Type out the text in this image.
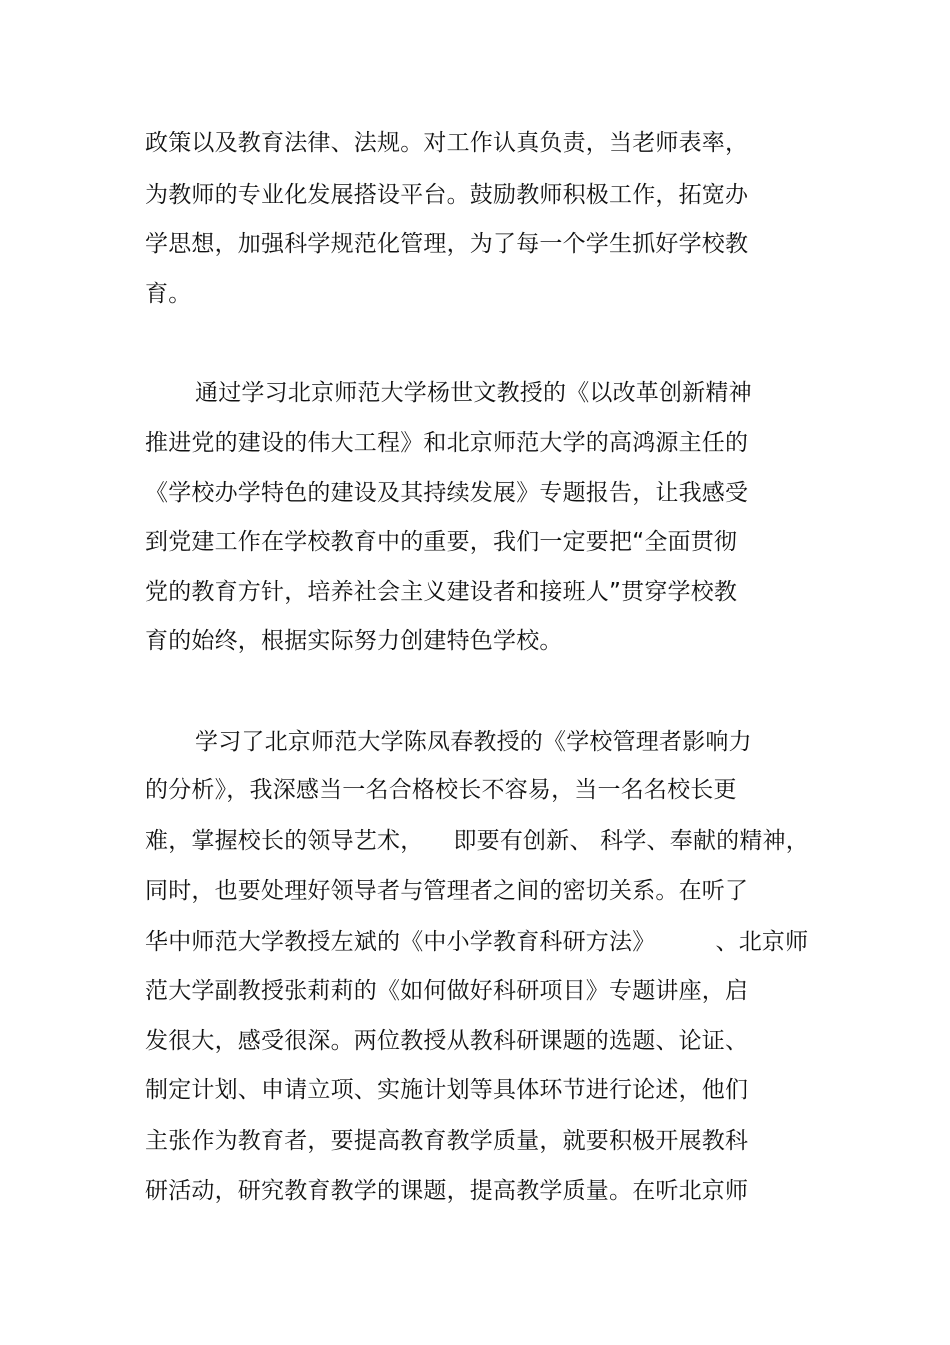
政策以及教育法律、法规。对工作认真负责，当老师表率，
为教师的专业化发展搭设平台。鼓励教师积极工作，拓宽办
学思想，加强科学规范化管理，为了每一个学生抓好学校教
育。
通过学习北京师范大学杨世文教授的《以改革创新精神
推进党的建设的伟大工程》和北京师范大学的高鸿源主任的
《学校办学特色的建设及其持续发展》专题报告，让我感受
到党建工作在学校教育中的重要，我们一定要把“全面贯彻
党的教育方针，培养社会主义建设者和接班人”贯穿学校教
育的始终，根据实际努力创建特色学校。
学习了北京师范大学陈凤春教授的《学校管理者影响力
的分析》，我深感当一名合格校长不容易，当一名名校长更
难，掌握校长的领导艺术，    即要有创新、 科学、奉献的精神，
同时，也要处理好领导者与管理者之间的密切关系。在听了
华中师范大学教授左斌的《中小学教育科研方法》        、北京师
范大学副教授张莉莉的《如何做好科研项目》专题讲座，启
发很大，感受很深。两位教授从教科研课题的选题、论证、
制定计划、申请立项、实施计划等具体环节进行论述，他们
主张作为教育者，要提高教育教学质量，就要积极开展教科
研活动，研究教育教学的课题，提高教学质量。在听北京师
